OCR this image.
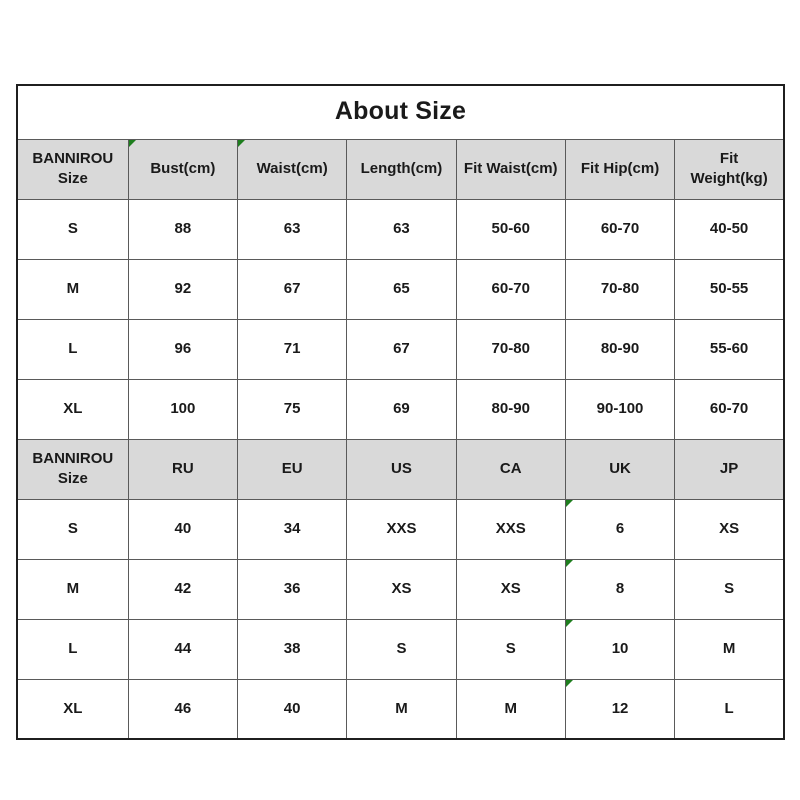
About Size						
BANNIROU Size	Bust(cm)	Waist(cm)	Length(cm)	Fit Waist(cm)	Fit Hip(cm)	Fit Weight(kg)
S	88	63	63	50-60	60-70	40-50
M	92	67	65	60-70	70-80	50-55
L	96	71	67	70-80	80-90	55-60
XL	100	75	69	80-90	90-100	60-70
BANNIROU Size	RU	EU	US	CA	UK	JP
S	40	34	XXS	XXS	6	XS
M	42	36	XS	XS	8	S
L	44	38	S	S	10	M
XL	46	40	M	M	12	L
